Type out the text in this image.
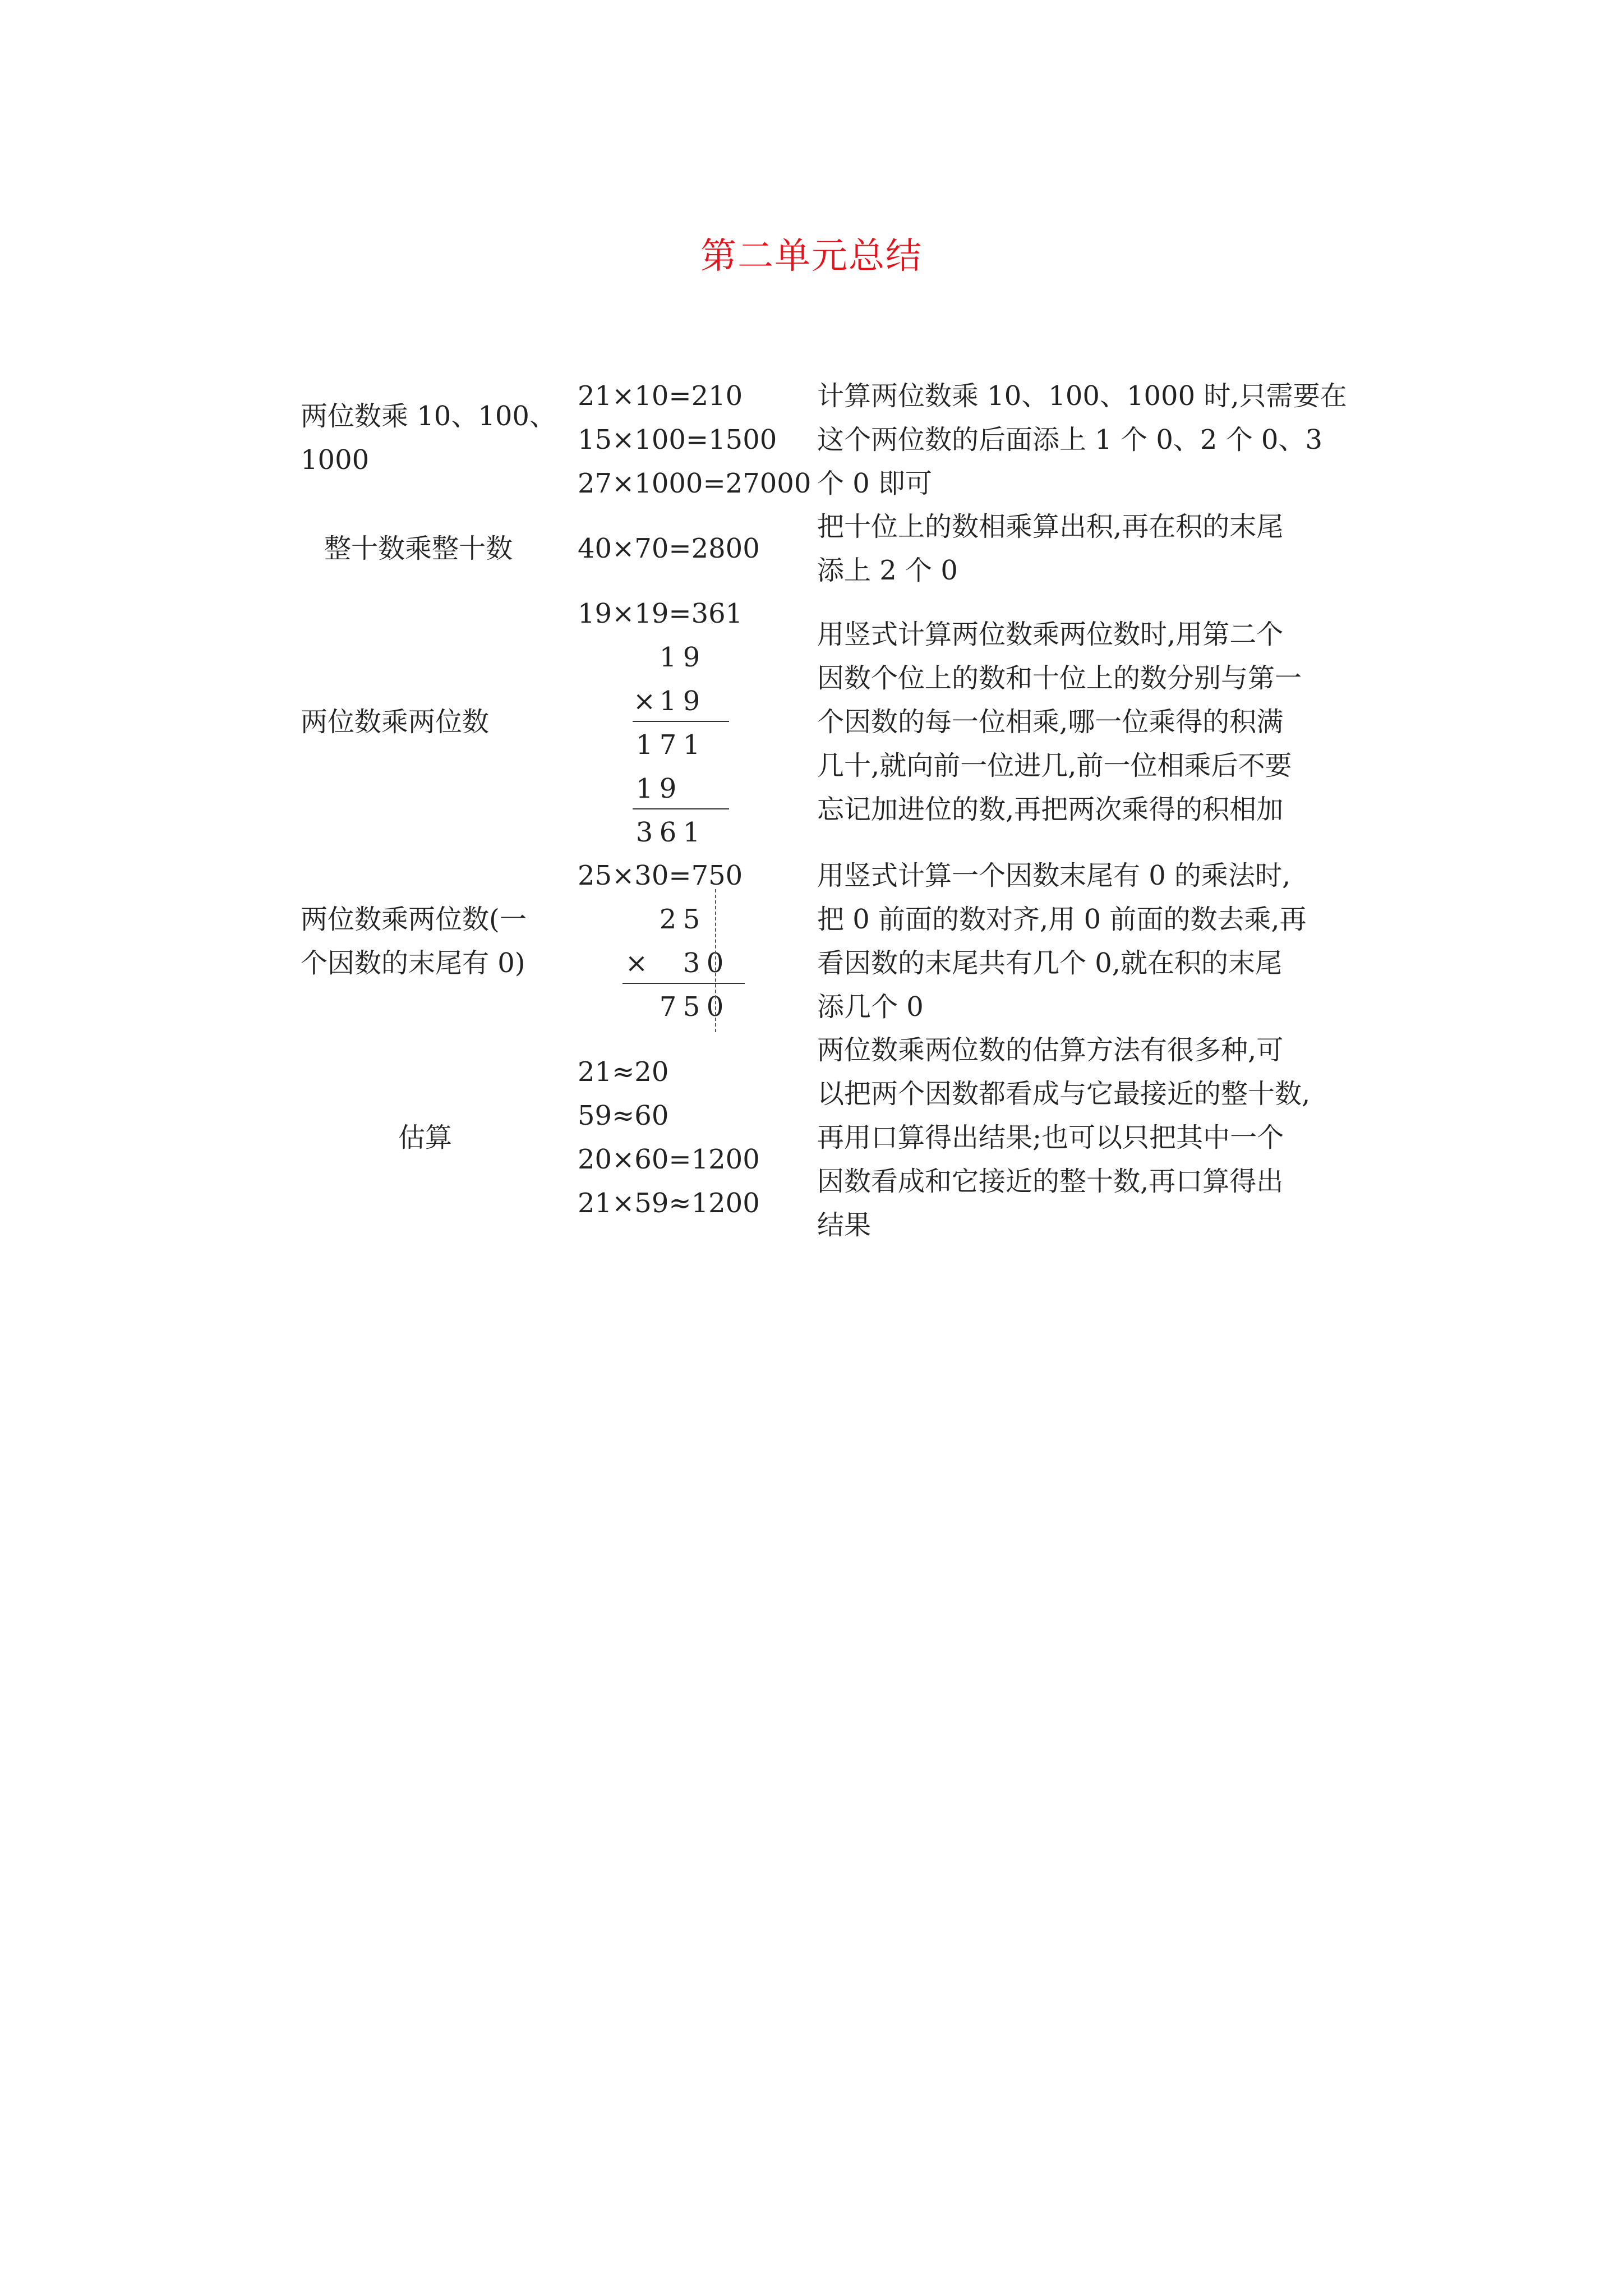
第二单元总结
两位数乘 10、100、
1000
21×10=210
15×100=1500
27×1000=27000
计算两位数乘 10、100、1000 时,只需要在
这个两位数的后面添上 1 个 0、2 个 0、3
个 0 即可
整十数乘整十数 40×70=2800
把十位上的数相乘算出积,再在积的末尾
添上 2 个 0
两位数乘两位数
19×19=361
1 9
× 1 9
1 7 1
1 9
3 6 1
用竖式计算两位数乘两位数时,用第二个
因数个位上的数和十位上的数分别与第一
个因数的每一位相乘,哪一位乘得的积满
几十,就向前一位进几,前一位相乘后不要
忘记加进位的数,再把两次乘得的积相加
两位数乘两位数(一
个因数的末尾有 0)
25×30=750
2 5
× 3 0
7 5 0
用竖式计算一个因数末尾有 0 的乘法时,
把 0 前面的数对齐,用 0 前面的数去乘,再
看因数的末尾共有几个 0,就在积的末尾
添几个 0
估算
21≈20
59≈60
20×60=1200
21×59≈1200
两位数乘两位数的估算方法有很多种,可
以把两个因数都看成与它最接近的整十数,
再用口算得出结果;也可以只把其中一个
因数看成和它接近的整十数,再口算得出
结果
